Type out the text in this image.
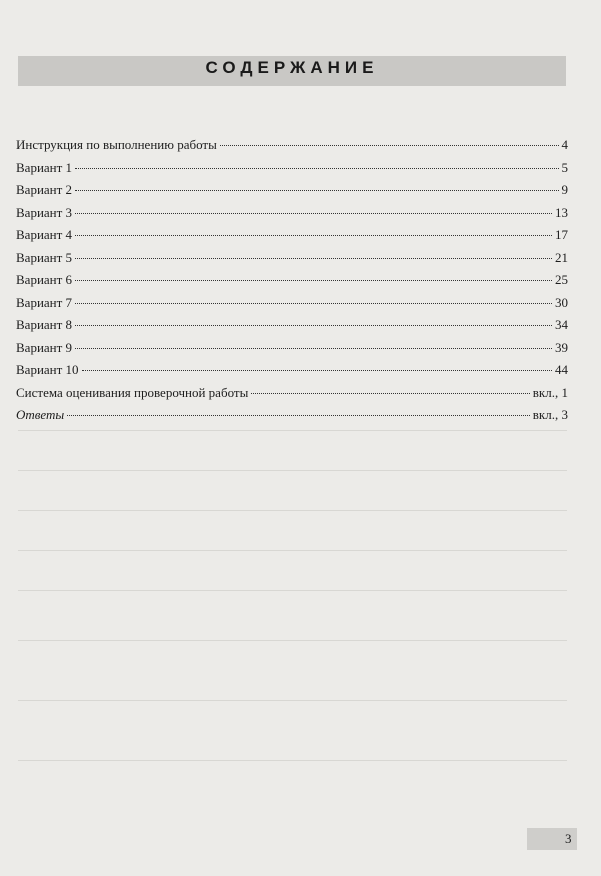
СОДЕРЖАНИЕ
Инструкция по выполнению работы	4
Вариант 1	5
Вариант 2	9
Вариант 3	13
Вариант 4	17
Вариант 5	21
Вариант 6	25
Вариант 7	30
Вариант 8	34
Вариант 9	39
Вариант 10	44
Система оценивания проверочной работы	вкл., 1
Ответы	вкл., 3
3
